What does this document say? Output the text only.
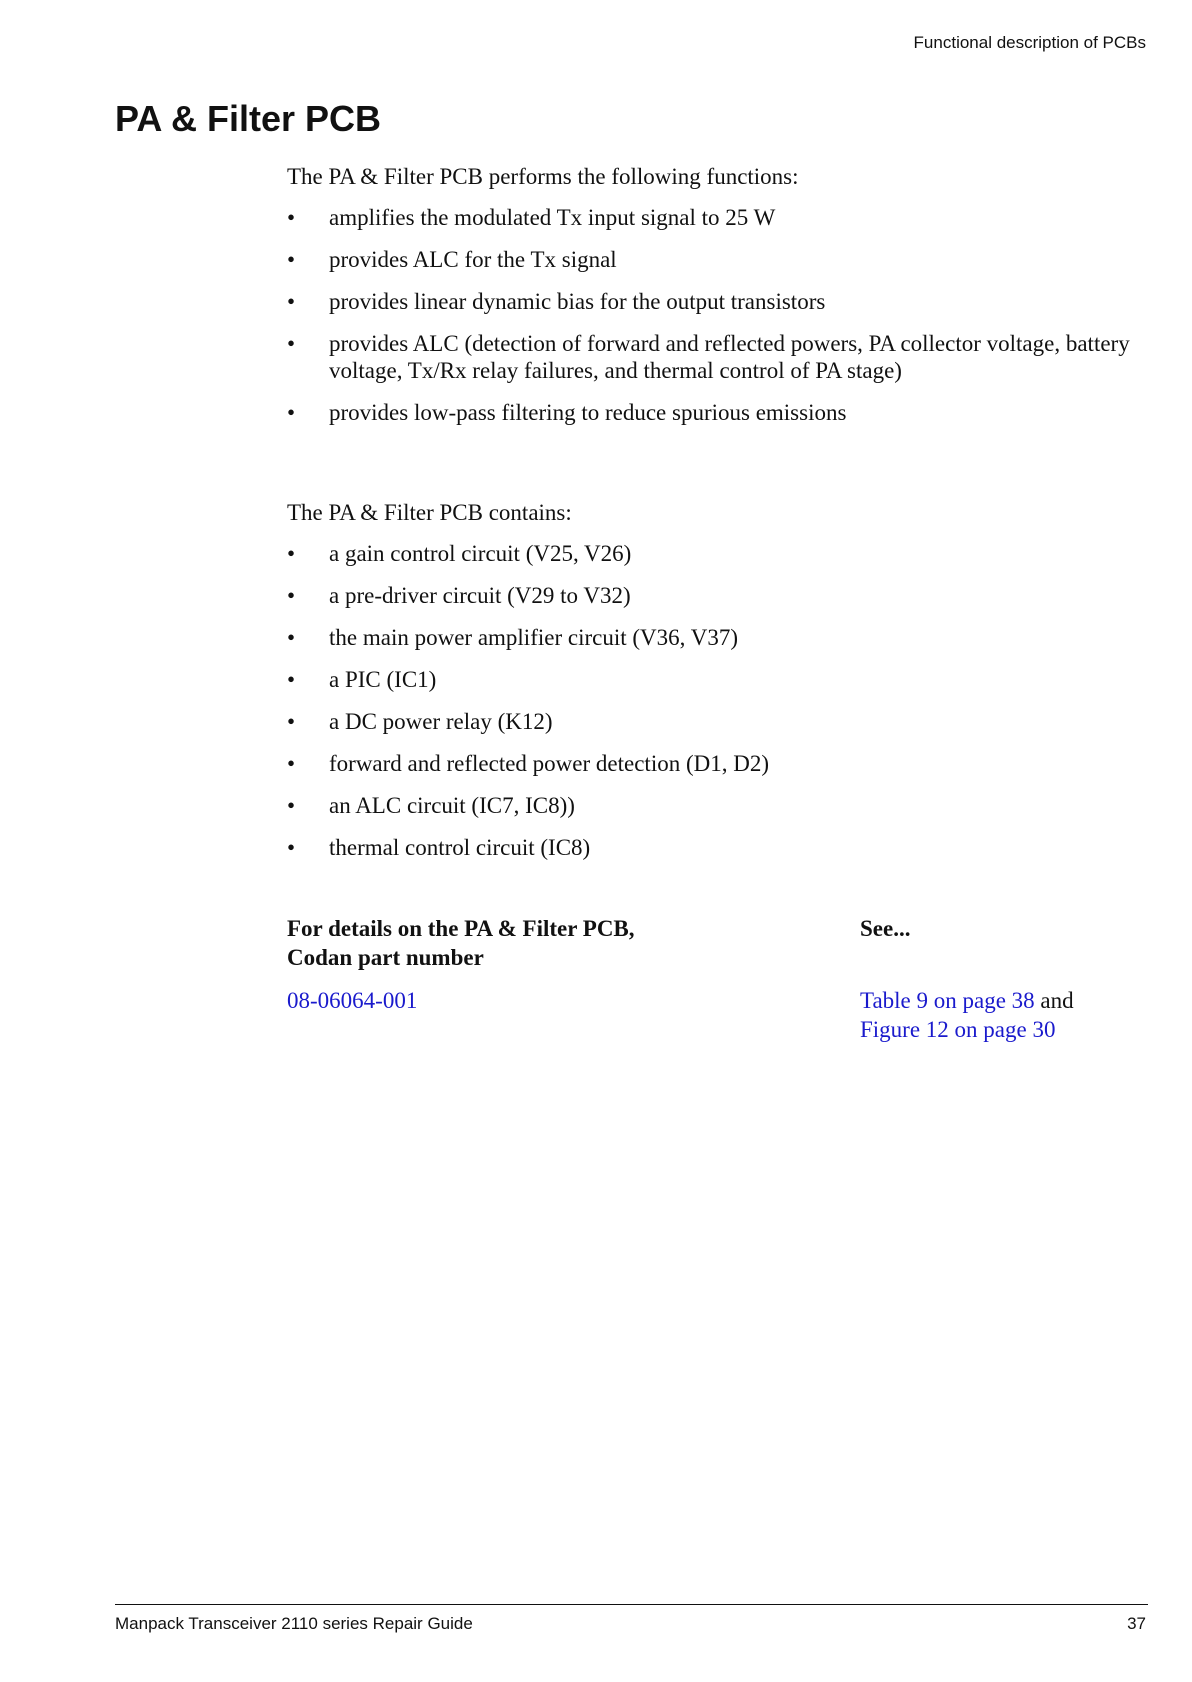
Functional description of PCBs
PA & Filter PCB

The PA & Filter PCB performs the following functions:

• amplifies the modulated Tx input signal to 25 W
• provides ALC for the Tx signal
• provides linear dynamic bias for the output transistors
• provides ALC (detection of forward and reflected powers, PA collector voltage, battery voltage, Tx/Rx relay failures, and thermal control of PA stage)
• provides low-pass filtering to reduce spurious emissions

The PA & Filter PCB contains:

• a gain control circuit (V25, V26)
• a pre-driver circuit (V29 to V32)
• the main power amplifier circuit (V36, V37)
• a PIC (IC1)
• a DC power relay (K12)
• forward and reflected power detection (D1, D2)
• an ALC circuit (IC7, IC8))
• thermal control circuit (IC8)
For details on the PA & Filter PCB,
Codan part number
See...
08-06064-001	Table 9 on page 38 and
Figure 12 on page 30
Manpack Transceiver 2110 series Repair Guide	37
